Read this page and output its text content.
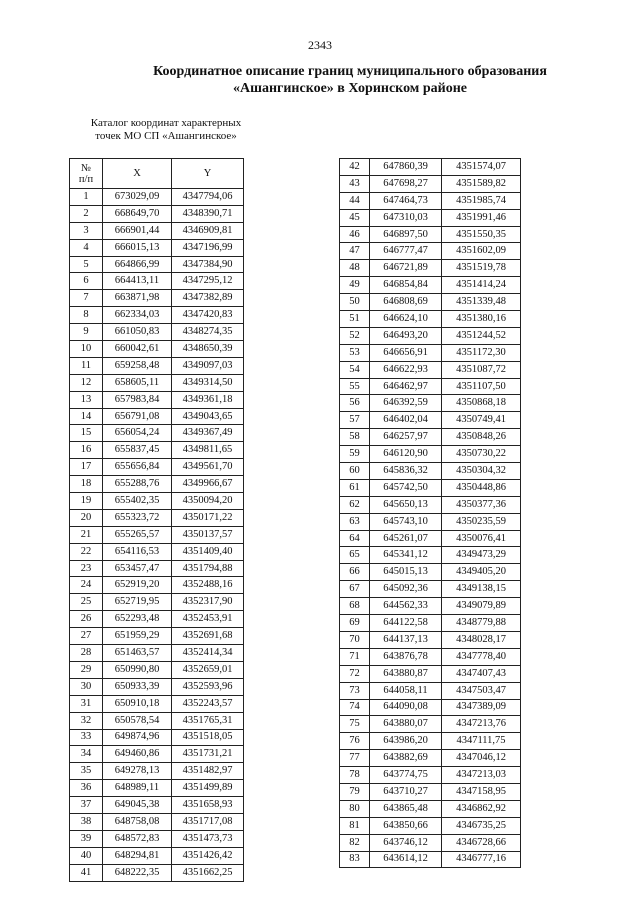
2343
Координатное описание границ муниципального образования
«Ашангинское» в Хоринском районе
Каталог координат характерных
точек МО СП «Ашангинское»
№
п/п	X	Y
1	673029,09	4347794,06
2	668649,70	4348390,71
3	666901,44	4346909,81
4	666015,13	4347196,99
5	664866,99	4347384,90
6	664413,11	4347295,12
7	663871,98	4347382,89
8	662334,03	4347420,83
9	661050,83	4348274,35
10	660042,61	4348650,39
11	659258,48	4349097,03
12	658605,11	4349314,50
13	657983,84	4349361,18
14	656791,08	4349043,65
15	656054,24	4349367,49
16	655837,45	4349811,65
17	655656,84	4349561,70
18	655288,76	4349966,67
19	655402,35	4350094,20
20	655323,72	4350171,22
21	655265,57	4350137,57
22	654116,53	4351409,40
23	653457,47	4351794,88
24	652919,20	4352488,16
25	652719,95	4352317,90
26	652293,48	4352453,91
27	651959,29	4352691,68
28	651463,57	4352414,34
29	650990,80	4352659,01
30	650933,39	4352593,96
31	650910,18	4352243,57
32	650578,54	4351765,31
33	649874,96	4351518,05
34	649460,86	4351731,21
35	649278,13	4351482,97
36	648989,11	4351499,89
37	649045,38	4351658,93
38	648758,08	4351717,08
39	648572,83	4351473,73
40	648294,81	4351426,42
41	648222,35	4351662,25
42	647860,39	4351574,07
43	647698,27	4351589,82
44	647464,73	4351985,74
45	647310,03	4351991,46
46	646897,50	4351550,35
47	646777,47	4351602,09
48	646721,89	4351519,78
49	646854,84	4351414,24
50	646808,69	4351339,48
51	646624,10	4351380,16
52	646493,20	4351244,52
53	646656,91	4351172,30
54	646622,93	4351087,72
55	646462,97	4351107,50
56	646392,59	4350868,18
57	646402,04	4350749,41
58	646257,97	4350848,26
59	646120,90	4350730,22
60	645836,32	4350304,32
61	645742,50	4350448,86
62	645650,13	4350377,36
63	645743,10	4350235,59
64	645261,07	4350076,41
65	645341,12	4349473,29
66	645015,13	4349405,20
67	645092,36	4349138,15
68	644562,33	4349079,89
69	644122,58	4348779,88
70	644137,13	4348028,17
71	643876,78	4347778,40
72	643880,87	4347407,43
73	644058,11	4347503,47
74	644090,08	4347389,09
75	643880,07	4347213,76
76	643986,20	4347111,75
77	643882,69	4347046,12
78	643774,75	4347213,03
79	643710,27	4347158,95
80	643865,48	4346862,92
81	643850,66	4346735,25
82	643746,12	4346728,66
83	643614,12	4346777,16
